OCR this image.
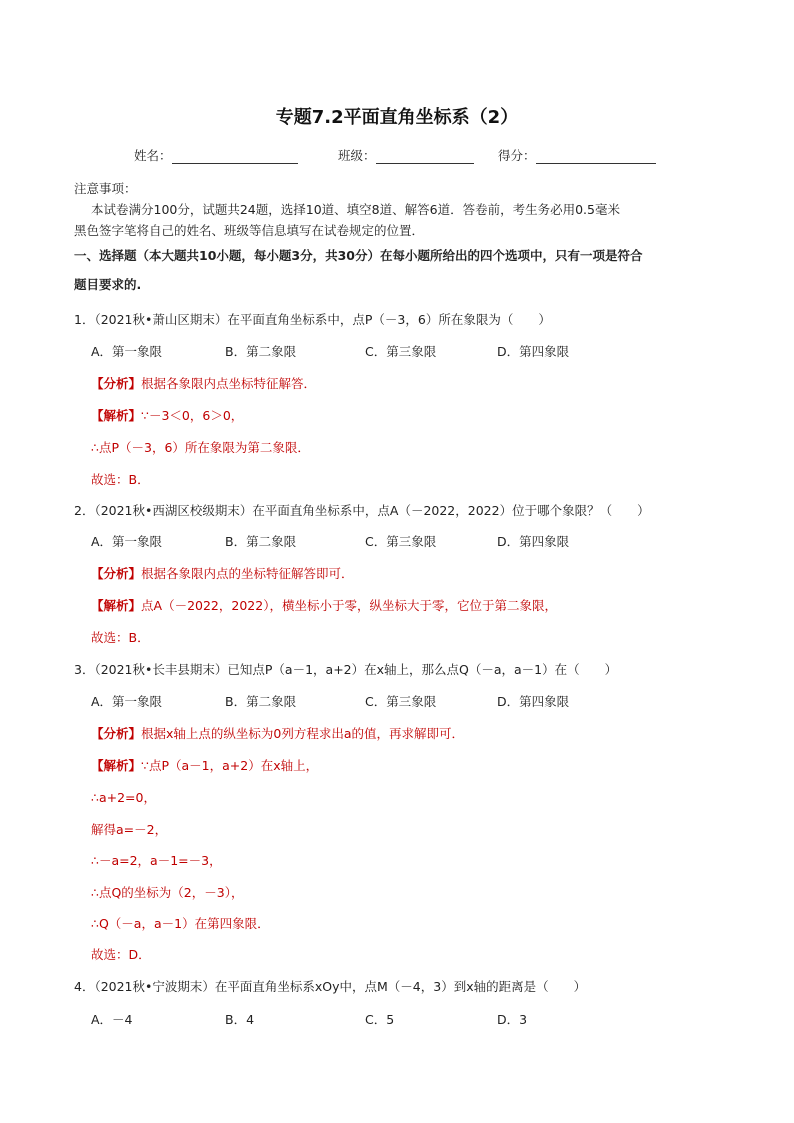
专题7.2平面直角坐标系（2）
姓名：	班级：	得分：
注意事项：
本试卷满分100分，试题共24题，选择10道、填空8道、解答6道．答卷前，考生务必用0.5毫米
黑色签字笔将自己的姓名、班级等信息填写在试卷规定的位置．
一、选择题（本大题共10小题，每小题3分，共30分）在每小题所给出的四个选项中，只有一项是符合
题目要求的.
1．（2021秋•萧山区期末）在平面直角坐标系中，点P（－3，6）所在象限为（　　）
A．第一象限	B．第二象限	C．第三象限	D．第四象限
【分析】根据各象限内点坐标特征解答．
【解析】∵－3＜0，6＞0，
∴点P（－3，6）所在象限为第二象限．
故选：B．
2．（2021秋•西湖区校级期末）在平面直角坐标系中，点A（－2022，2022）位于哪个象限？（　　）
A．第一象限	B．第二象限	C．第三象限	D．第四象限
【分析】根据各象限内点的坐标特征解答即可．
【解析】点A（－2022，2022），横坐标小于零，纵坐标大于零，它位于第二象限，
故选：B．
3．（2021秋•长丰县期末）已知点P（a－1，a+2）在x轴上，那么点Q（－a，a－1）在（　　）
A．第一象限	B．第二象限	C．第三象限	D．第四象限
【分析】根据x轴上点的纵坐标为0列方程求出a的值，再求解即可．
【解析】∵点P（a－1，a+2）在x轴上，
∴a+2=0，
解得a=－2，
∴－a=2，a－1=－3，
∴点Q的坐标为（2，－3），
∴Q（－a，a－1）在第四象限．
故选：D．
4．（2021秋•宁波期末）在平面直角坐标系xOy中，点M（－4，3）到x轴的距离是（　　）
A．－4	B．4	C．5	D．3
